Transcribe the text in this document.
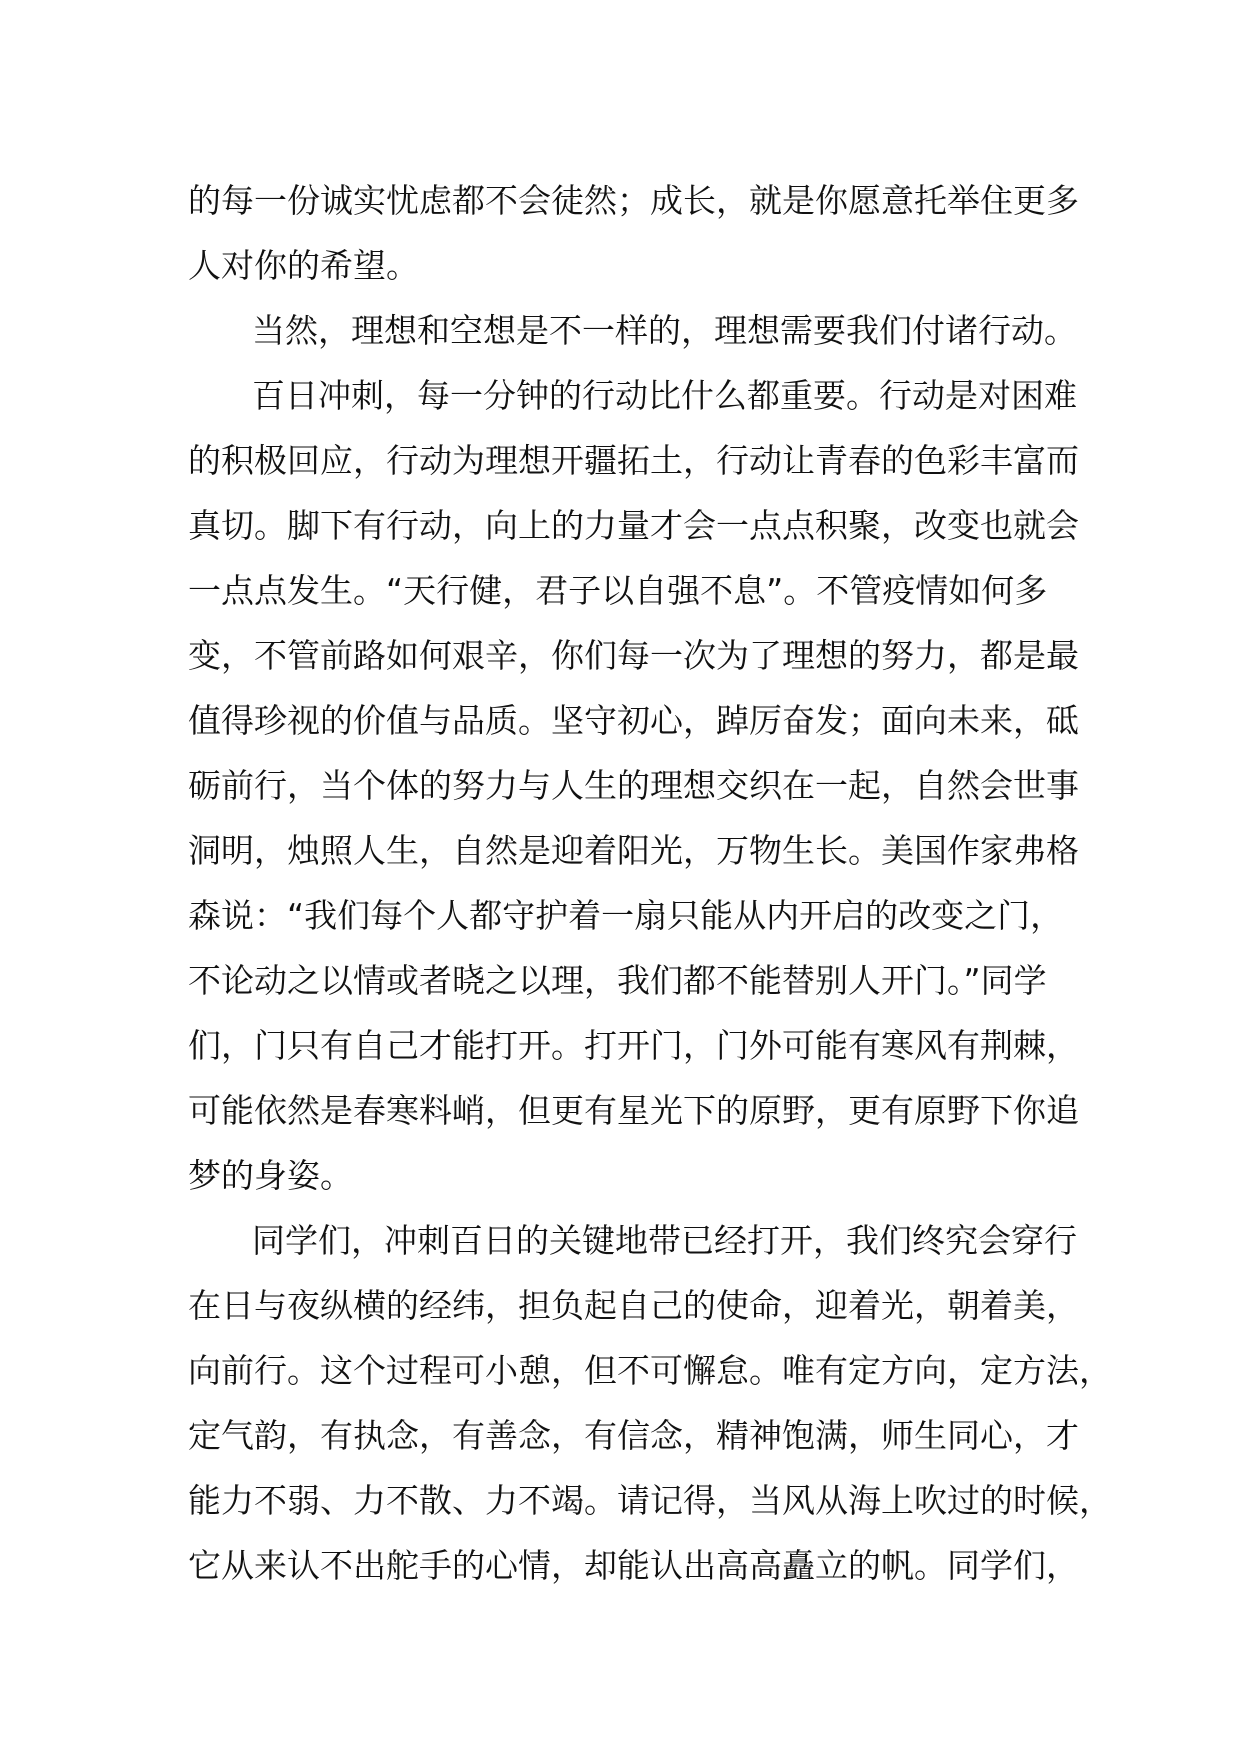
的每一份诚实忧虑都不会徒然；成长，就是你愿意托举住更多
人对你的希望。
当然，理想和空想是不一样的，理想需要我们付诸行动。
百日冲刺，每一分钟的行动比什么都重要。行动是对困难
的积极回应，行动为理想开疆拓土，行动让青春的色彩丰富而
真切。脚下有行动，向上的力量才会一点点积聚，改变也就会
一点点发生。“天行健，君子以自强不息”。不管疫情如何多
变，不管前路如何艰辛，你们每一次为了理想的努力，都是最
值得珍视的价值与品质。坚守初心，踔厉奋发；面向未来，砥
砺前行，当个体的努力与人生的理想交织在一起，自然会世事
洞明，烛照人生，自然是迎着阳光，万物生长。美国作家弗格
森说：“我们每个人都守护着一扇只能从内开启的改变之门，
不论动之以情或者晓之以理，我们都不能替别人开门。”同学
们，门只有自己才能打开。打开门，门外可能有寒风有荆棘，
可能依然是春寒料峭，但更有星光下的原野，更有原野下你追
梦的身姿。
同学们，冲刺百日的关键地带已经打开，我们终究会穿行
在日与夜纵横的经纬，担负起自己的使命，迎着光，朝着美，
向前行。这个过程可小憩，但不可懈怠。唯有定方向，定方法，
定气韵，有执念，有善念，有信念，精神饱满，师生同心，才
能力不弱、力不散、力不竭。请记得，当风从海上吹过的时候，
它从来认不出舵手的心情，却能认出高高矗立的帆。同学们，
